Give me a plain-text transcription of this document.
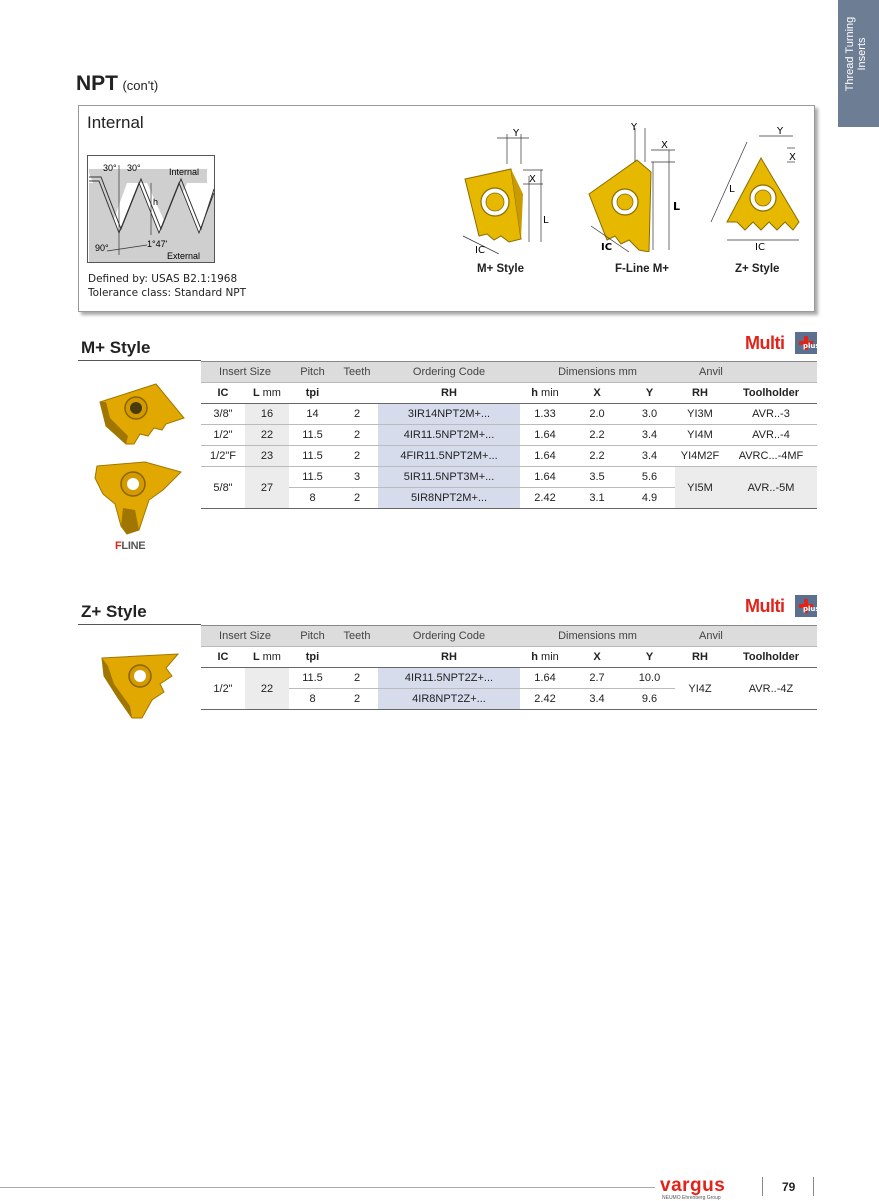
Thread Turning Inserts
NPT (con't)
Internal
30° 30°	Internal
h
90°	1°47'
External
Defined by: USAS B2.1:1968
Tolerance class: Standard NPT
Y
X
L
IC
M+ Style
Y
X
L
IC
F-Line M+
Y
X
L
IC
Z+ Style
M+ Style	Multi	plus
FLINE
Insert Size		Pitch	Teeth	Ordering Code	Dimensions mm			Anvil	
IC	L mm	tpi		RH	h min	X	Y	RH	Toolholder
3/8"	16	14	2	3IR14NPT2M+...	1.33	2.0	3.0	YI3M	AVR..-3
1/2"	22	11.5	2	4IR11.5NPT2M+...	1.64	2.2	3.4	YI4M	AVR..-4
1/2"F	23	11.5	2	4FIR11.5NPT2M+...	1.64	2.2	3.4	YI4M2F	AVRC...-4MF
5/8"	27	11.5	3	5IR11.5NPT3M+...	1.64	3.5	5.6	YI5M	AVR..-5M
		8	2	5IR8NPT2M+...	2.42	3.1	4.9		
Z+ Style	Multi	plus
Insert Size		Pitch	Teeth	Ordering Code	Dimensions mm			Anvil	
IC	L mm	tpi		RH	h min	X	Y	RH	Toolholder
1/2"	22	11.5	2	4IR11.5NPT2Z+...	1.64	2.7	10.0	YI4Z	AVR..-4Z
		8	2	4IR8NPT2Z+...	2.42	3.4	9.6		
vargus
NEUMO Ehrenberg Group
79
